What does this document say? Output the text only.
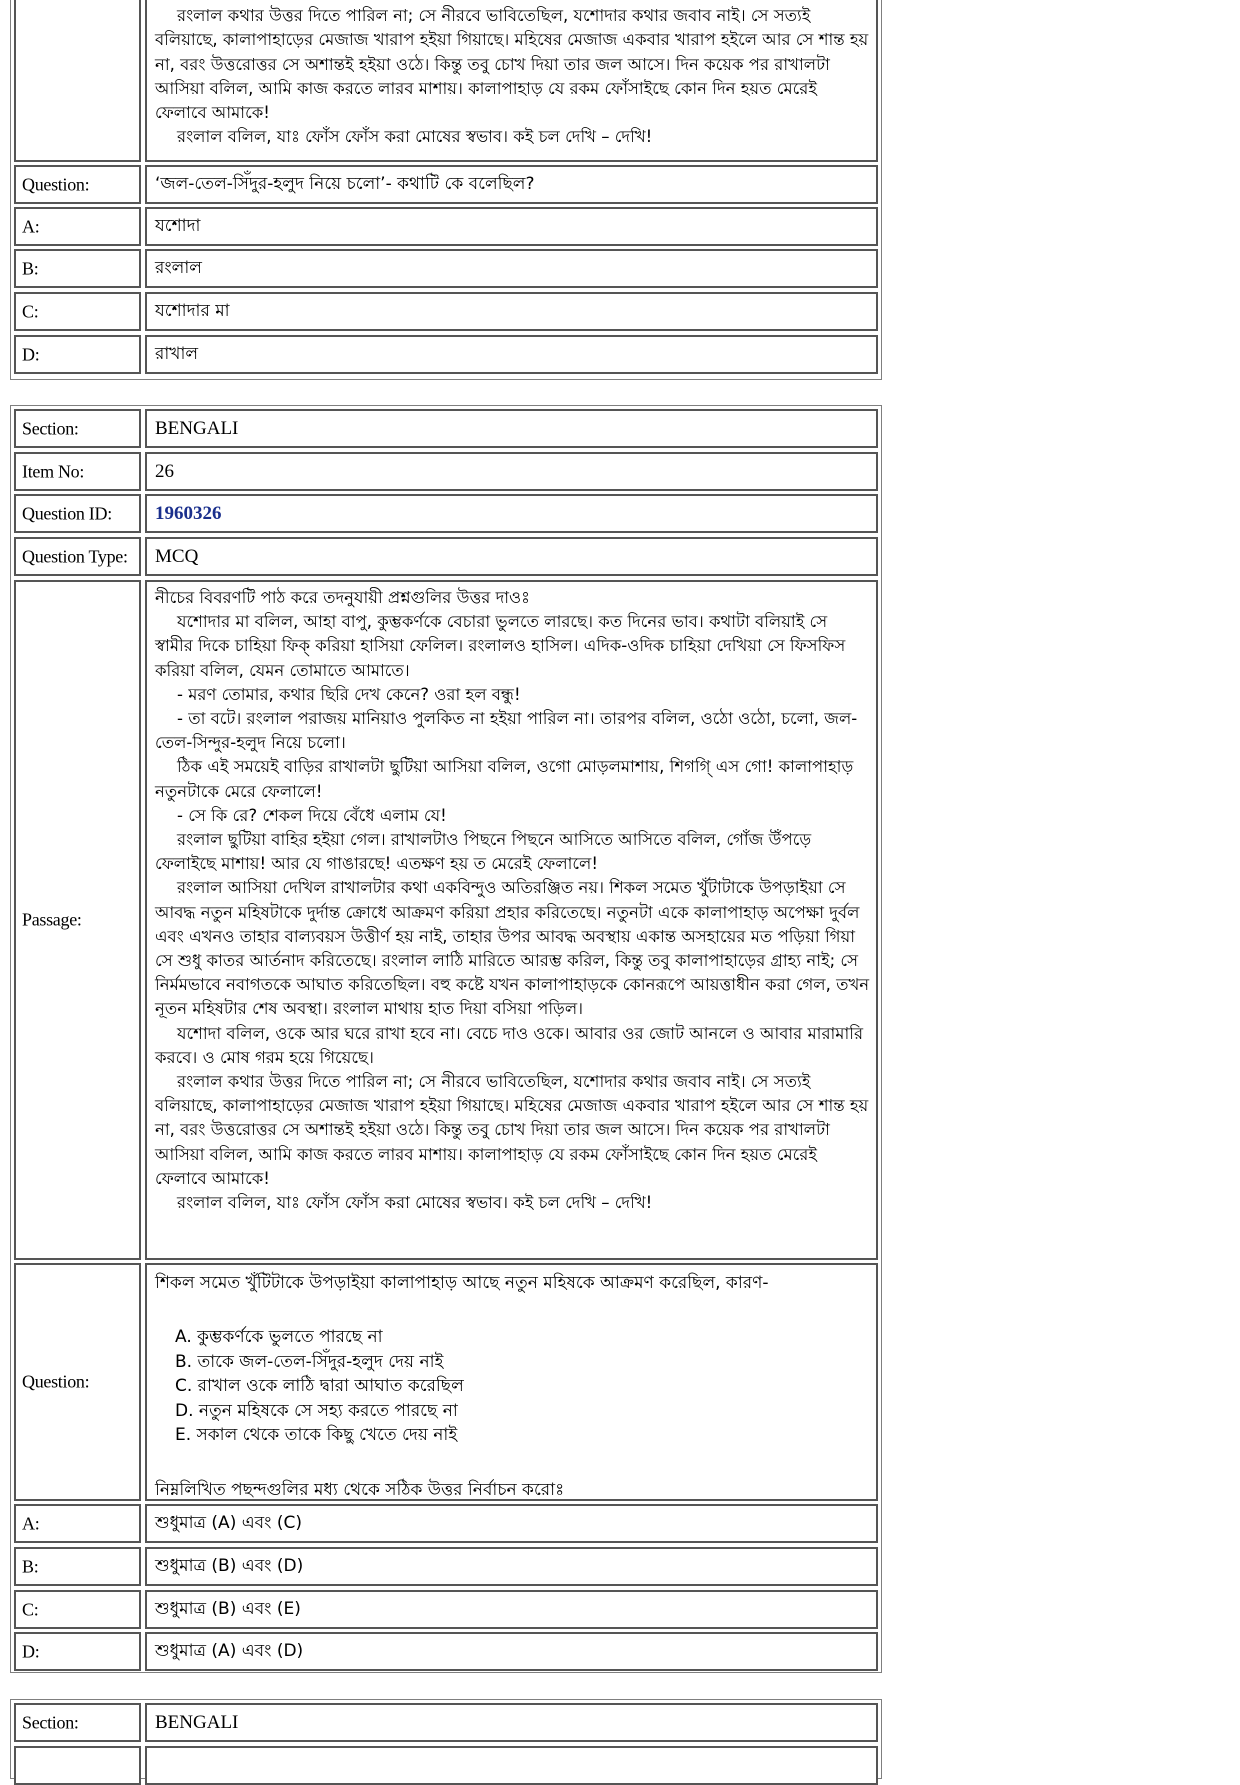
রংলাল কথার উত্তর দিতে পারিল না; সে নীরবে ভাবিতেছিল, যশোদার কথার জবাব নাই। সে সত্যই বলিয়াছে, কালাপাহাড়ের মেজাজ খারাপ হইয়া গিয়াছে। মহিষের মেজাজ একবার খারাপ হইলে আর সে শান্ত হয় না, বরং উত্তরোত্তর সে অশান্তই হইয়া ওঠে। কিন্তু তবু চোখ দিয়া তার জল আসে। দিন কয়েক পর রাখালটা আসিয়া বলিল, আমি কাজ করতে লারব মাশায়। কালাপাহাড় যে রকম ফোঁসাইছে কোন দিন হয়ত মেরেই ফেলাবে আমাকে!

রংলাল বলিল, যাঃ ফোঁস ফোঁস করা মোষের স্বভাব। কই চল দেখি – দেখি!

Question:	‘জল-তেল-সিঁদুর-হলুদ নিয়ে চলো’- কথাটি কে বলেছিল?
A:	যশোদা
B:	রংলাল
C:	যশোদার মা
D:	রাখাল
Section:	BENGALI
Item No:	26
Question ID: 1960326
Question Type: MCQ
Passage:

নীচের বিবরণটি পাঠ করে তদনুযায়ী প্রশ্নগুলির উত্তর দাওঃ

যশোদার মা বলিল, আহা বাপু, কুম্ভকর্ণকে বেচারা ভুলতে লারছে। কত দিনের ভাব। কথাটা বলিয়াই সে স্বামীর দিকে চাহিয়া ফিক্‌ করিয়া হাসিয়া ফেলিল। রংলালও হাসিল। এদিক-ওদিক চাহিয়া দেখিয়া সে ফিসফিস করিয়া বলিল, যেমন তোমাতে আমাতে।

- মরণ তোমার, কথার ছিরি দেখ কেনে? ওরা হল বন্ধু!

- তা বটে। রংলাল পরাজয় মানিয়াও পুলকিত না হইয়া পারিল না। তারপর বলিল, ওঠো ওঠো, চলো, জল-তেল-সিন্দুর-হলুদ নিয়ে চলো।

ঠিক এই সময়েই বাড়ির রাখালটা ছুটিয়া আসিয়া বলিল, ওগো মোড়লমাশায়, শিগগি্‌ এস গো! কালাপাহাড় নতুনটাকে মেরে ফেলালে!

- সে কি রে? শেকল দিয়ে বেঁধে এলাম যে!

রংলাল ছুটিয়া বাহির হইয়া গেল। রাখালটাও পিছনে পিছনে আসিতে আসিতে বলিল, গোঁজ উঁপড়ে ফেলাইছে মাশায়! আর যে গাঙারছে! এতক্ষণ হয় ত মেরেই ফেলালে!

রংলাল আসিয়া দেখিল রাখালটার কথা একবিন্দুও অতিরঞ্জিত নয়। শিকল সমেত খুঁটাটাকে উপড়াইয়া সে আবদ্ধ নতুন মহিষটাকে দুর্দান্ত ক্রোধে আক্রমণ করিয়া প্রহার করিতেছে। নতুনটা একে কালাপাহাড় অপেক্ষা দুর্বল এবং এখনও তাহার বাল্যবয়স উত্তীর্ণ হয় নাই, তাহার উপর আবদ্ধ অবস্থায় একান্ত অসহায়ের মত পড়িয়া গিয়া সে শুধু কাতর আর্তনাদ করিতেছে। রংলাল লাঠি মারিতে আরম্ভ করিল, কিন্তু তবু কালাপাহাড়ের গ্রাহ্য নাই; সে নির্মমভাবে নবাগতকে আঘাত করিতেছিল। বহু কষ্টে যখন কালাপাহাড়কে কোনরূপে আয়ত্তাধীন করা গেল, তখন নূতন মহিষটার শেষ অবস্থা। রংলাল মাথায় হাত দিয়া বসিয়া পড়িল।

যশোদা বলিল, ওকে আর ঘরে রাখা হবে না। বেচে দাও ওকে। আবার ওর জোট আনলে ও আবার মারামারি করবে। ও মোষ গরম হয়ে গিয়েছে।

রংলাল কথার উত্তর দিতে পারিল না; সে নীরবে ভাবিতেছিল, যশোদার কথার জবাব নাই। সে সত্যই বলিয়াছে, কালাপাহাড়ের মেজাজ খারাপ হইয়া গিয়াছে। মহিষের মেজাজ একবার খারাপ হইলে আর সে শান্ত হয় না, বরং উত্তরোত্তর সে অশান্তই হইয়া ওঠে। কিন্তু তবু চোখ দিয়া তার জল আসে। দিন কয়েক পর রাখালটা আসিয়া বলিল, আমি কাজ করতে লারব মাশায়। কালাপাহাড় যে রকম ফোঁসাইছে কোন দিন হয়ত মেরেই ফেলাবে আমাকে!

রংলাল বলিল, যাঃ ফোঁস ফোঁস করা মোষের স্বভাব। কই চল দেখি – দেখি!

Question:
শিকল সমেত খুঁটিটাকে উপড়াইয়া কালাপাহাড় আছে নতুন মহিষকে আক্রমণ করেছিল, কারণ-
A. কুম্ভকর্ণকে ভুলতে পারছে না
B. তাকে জল-তেল-সিঁদুর-হলুদ দেয় নাই
C. রাখাল ওকে লাঠি দ্বারা আঘাত করেছিল
D. নতুন মহিষকে সে সহ্য করতে পারছে না
E. সকাল থেকে তাকে কিছু খেতে দেয় নাই
নিম্নলিখিত পছন্দগুলির মধ্য থেকে সঠিক উত্তর নির্বাচন করোঃ
A:	শুধুমাত্র (A) এবং (C)
B:	শুধুমাত্র (B) এবং (D)
C:	শুধুমাত্র (B) এবং (E)
D:	শুধুমাত্র (A) এবং (D)
Section:	BENGALI
